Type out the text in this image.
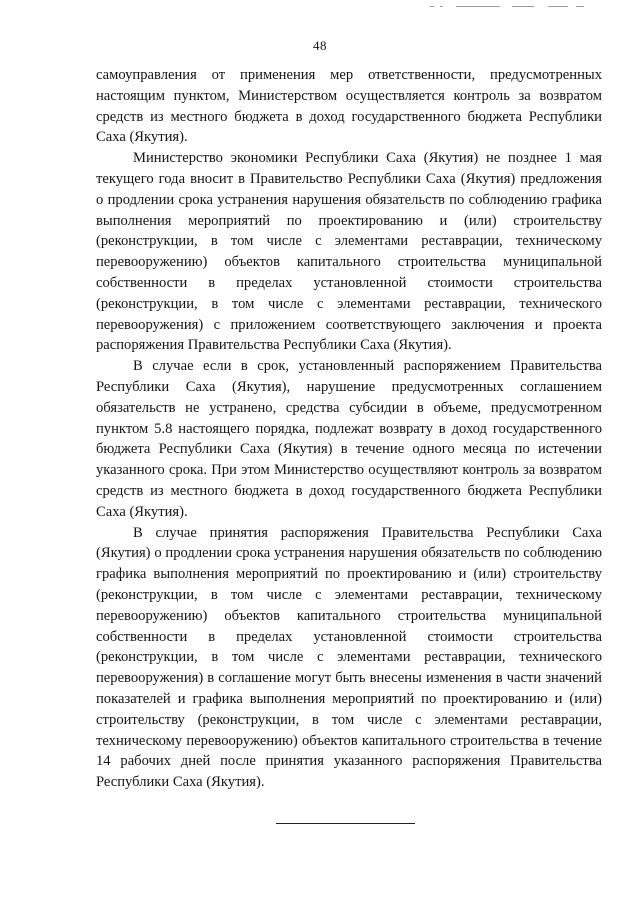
48

самоуправления от применения мер ответственности, предусмотренных настоящим пунктом, Министерством осуществляется контроль за возвратом средств из местного бюджета в доход государственного бюджета Республики Саха (Якутия).

Министерство экономики Республики Саха (Якутия) не позднее 1 мая текущего года вносит в Правительство Республики Саха (Якутия) предложения о продлении срока устранения нарушения обязательств по соблюдению графика выполнения мероприятий по проектированию и (или) строительству (реконструкции, в том числе с элементами реставрации, техническому перевооружению) объектов капитального строительства муниципальной собственности в пределах установленной стоимости строительства (реконструкции, в том числе с элементами реставрации, технического перевооружения) с приложением соответствующего заключения и проекта распоряжения Правительства Республики Саха (Якутия).

В случае если в срок, установленный распоряжением Правительства Республики Саха (Якутия), нарушение предусмотренных соглашением обязательств не устранено, средства субсидии в объеме, предусмотренном пунктом 5.8 настоящего порядка, подлежат возврату в доход государственного бюджета Республики Саха (Якутия) в течение одного месяца по истечении указанного срока. При этом Министерство осуществляют контроль за возвратом средств из местного бюджета в доход государственного бюджета Республики Саха (Якутия).

В случае принятия распоряжения Правительства Республики Саха (Якутия) о продлении срока устранения нарушения обязательств по соблюдению графика выполнения мероприятий по проектированию и (или) строительству (реконструкции, в том числе с элементами реставрации, техническому перевооружению) объектов капитального строительства муниципальной собственности в пределах установленной стоимости строительства (реконструкции, в том числе с элементами реставрации, технического перевооружения) в соглашение могут быть внесены изменения в части значений показателей и графика выполнения мероприятий по проектированию и (или) строительству (реконструкции, в том числе с элементами реставрации, техническому перевооружению) объектов капитального строительства в течение 14 рабочих дней после принятия указанного распоряжения Правительства Республики Саха (Якутия).
